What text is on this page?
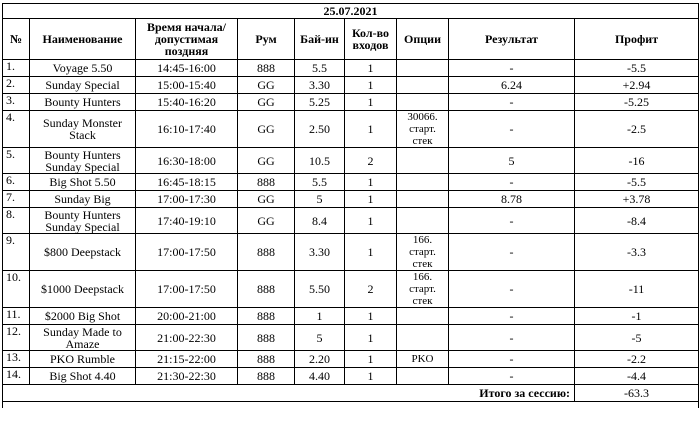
25.07.2021								
№	Наименование	Время начала/ допустимая поздняя	Рум	Бай-ин	Кол-во входов	Опции	Результат	Профит
1.	Voyage 5.50	14:45-16:00	888	5.5	1		-	-5.5
2.	Sunday Special	15:00-15:40	GG	3.30	1		6.24	+2.94
3.	Bounty Hunters	15:40-16:20	GG	5.25	1		-	-5.25
4.	Sunday Monster Stack	16:10-17:40	GG	2.50	1	30066. старт. стек	-	-2.5
5.	Bounty Hunters Sunday Special	16:30-18:00	GG	10.5	2		5	-16
6.	Big Shot 5.50	16:45-18:15	888	5.5	1		-	-5.5
7.	Sunday Big	17:00-17:30	GG	5	1		8.78	+3.78
8.	Bounty Hunters Sunday Special	17:40-19:10	GG	8.4	1		-	-8.4
9.	$800 Deepstack	17:00-17:50	888	3.30	1	166. старт. стек	-	-3.3
10.	$1000 Deepstack	17:00-17:50	888	5.50	2	166. старт. стек	-	-11
11.	$2000 Big Shot	20:00-21:00	888	1	1		-	-1
12.	Sunday Made to Amaze	21:00-22:30	888	5	1		-	-5
13.	PKO Rumble	21:15-22:00	888	2.20	1	PKO	-	-2.2
14.	Big Shot 4.40	21:30-22:30	888	4.40	1		-	-4.4
Итого за сессию:								-63.3
